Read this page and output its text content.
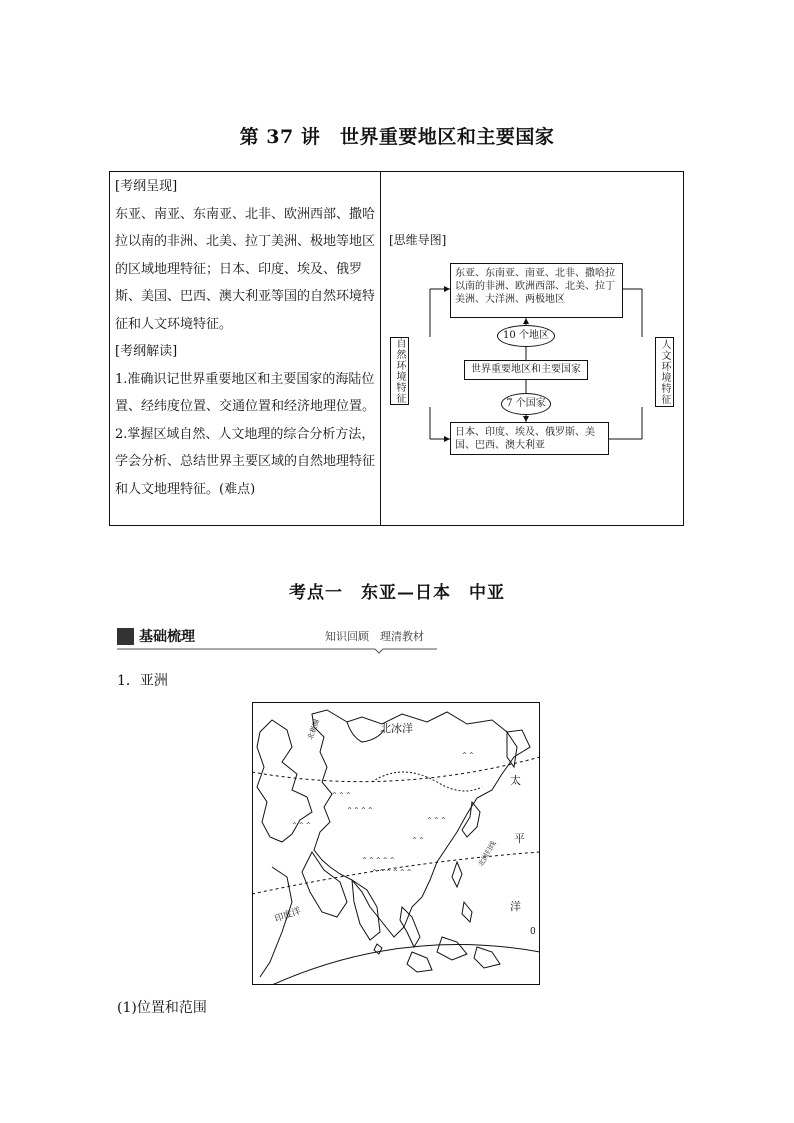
第 37 讲　世界重要地区和主要国家

[考纲呈现]

东亚、南亚、东南亚、北非、欧洲西部、撒哈拉以南的非洲、北美、拉丁美洲、极地等地区的区域地理特征；日本、印度、埃及、俄罗斯、美国、巴西、澳大利亚等国的自然环境特征和人文环境特征。

[考纲解读]

1.准确识记世界重要地区和主要国家的海陆位置、经纬度位置、交通位置和经济地理位置。

2.掌握区域自然、人文地理的综合分析方法，学会分析、总结世界主要区域的自然地理特征和人文地理特征。(难点)

[思维导图]
东亚、东南亚、南亚、北非、撒哈拉以南的非洲、欧洲西部、北美、拉丁美洲、大洋洲、两极地区
10 个地区
世界重要地区和主要国家
7 个国家
日本、印度、埃及、俄罗斯、美国、巴西、澳大利亚
自然环境特征	人文环境特征
考点一　东亚—日本　中亚
基础梳理	知识回顾　理清教材
1．亚洲
^ ^ ^
^ ^ ^ ^
^ ^ ^ ^ ^
^ ^ ^ ^ ^ ^
^ ^ ^
^ ^
^ ^ ^
^ ^
北冰洋
太
平
洋
印度洋
北极圈
北回归线
0
(1)位置和范围
